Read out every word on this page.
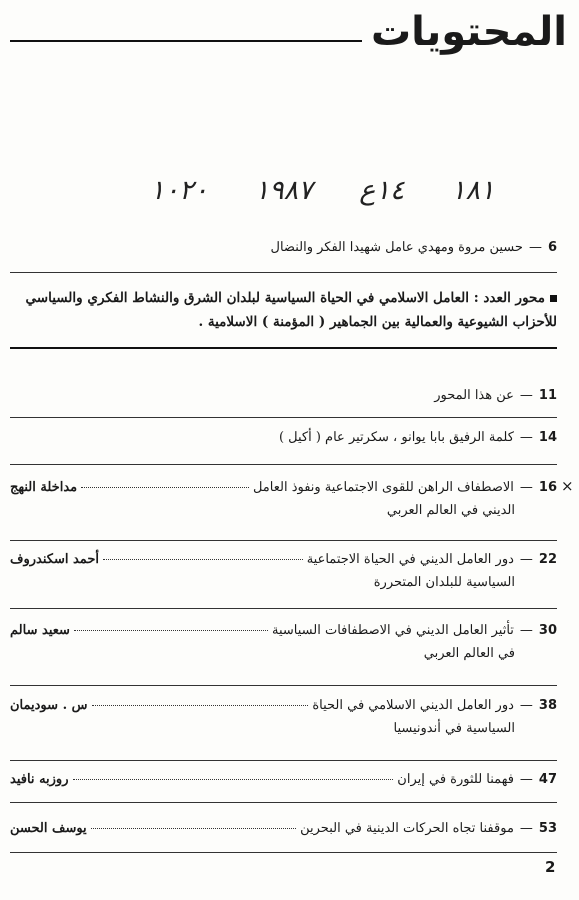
المحتويات
١٨١ ١٤ع ١٩٨٧ ١٠٢٠
6
—
حسين مروة ومهدي عامل شهيدا الفكر والنضال
محور العدد : العامل الاسلامي في الحياة السياسية لبلدان الشرق والنشاط الفكري والسياسي للأحزاب الشيوعية والعمالية بين الجماهير ( المؤمنة ) الاسلامية .
11
—
عن هذا المحور
14
—
كلمة الرفيق بابا يوانو ، سكرتير عام ( أكيل )
16
—
الاصطفاف الراهن للقوى الاجتماعية ونفوذ العامل
مداخلة النهج
الديني في العالم العربي
22
—
دور العامل الديني في الحياة الاجتماعية
أحمد اسكندروف
السياسية للبلدان المتحررة
30
—
تأثير العامل الديني في الاصطفافات السياسية
سعيد سالم
في العالم العربي
38
—
دور العامل الديني الاسلامي في الحياة
س . سوديمان
السياسية في أندونيسيا
47
—
فهمنا للثورة في إيران
روزبه نافيد
53
—
موقفنا تجاه الحركات الدينية في البحرين
يوسف الحسن
×
2
